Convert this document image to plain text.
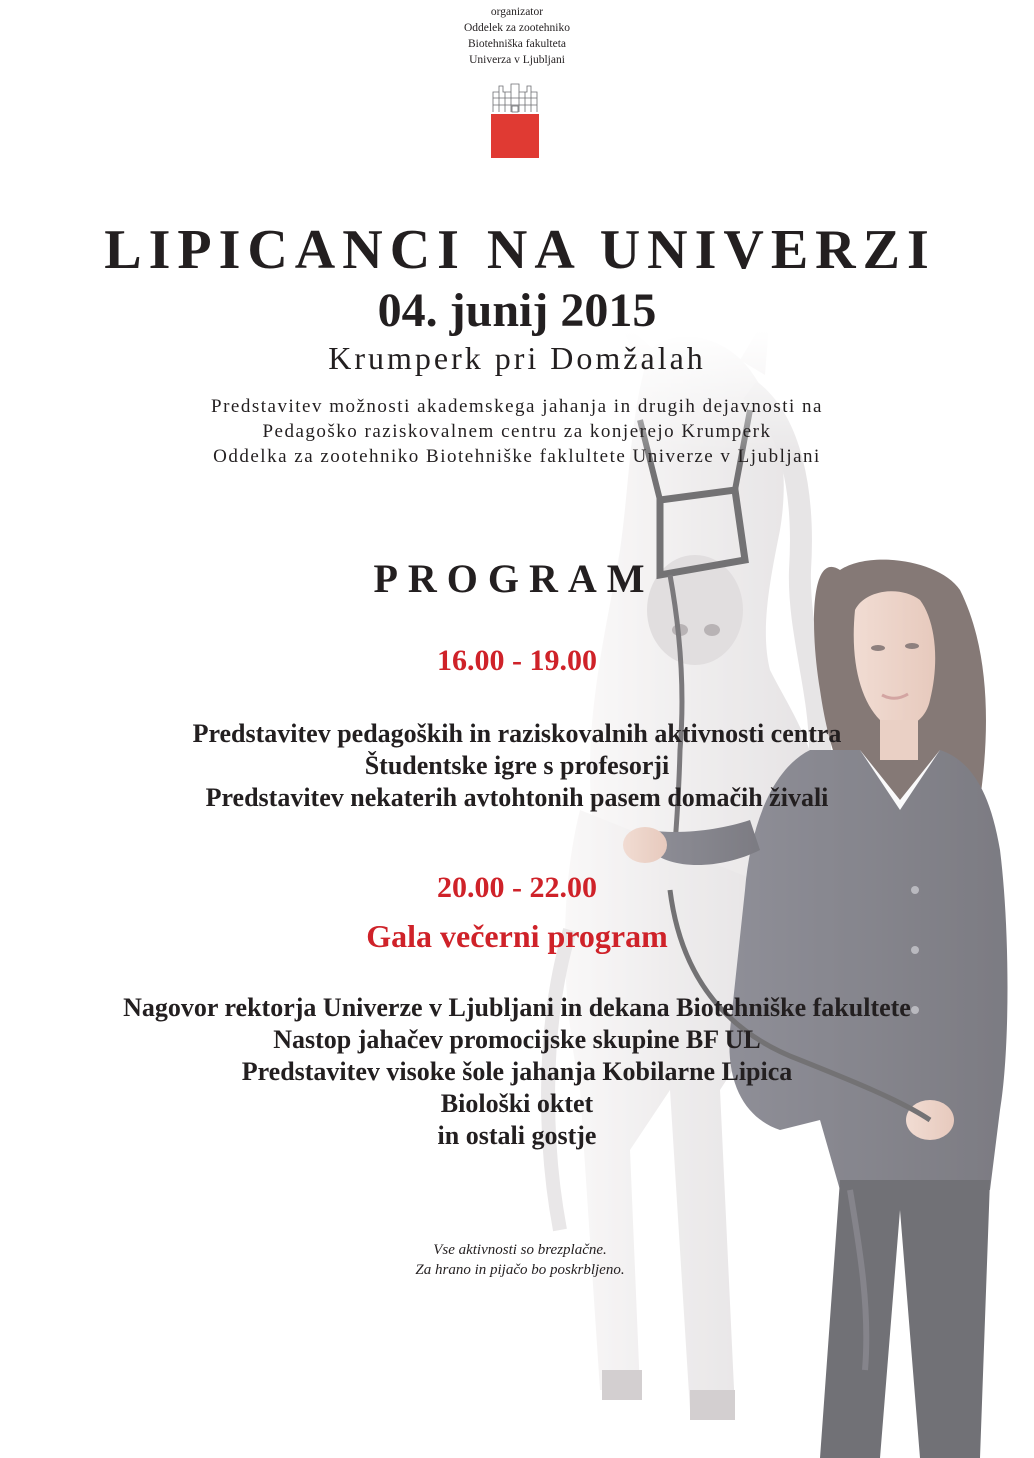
organizator
Oddelek za zootehniko
Biotehniška fakulteta
Univerza v Ljubljani
LIPICANCI NA UNIVERZI
04. junij 2015
Krumperk pri Domžalah
Predstavitev možnosti akademskega jahanja in drugih dejavnosti na
Pedagoško raziskovalnem centru za konjerejo Krumperk
Oddelka za zootehniko Biotehniške faklultete Univerze v Ljubljani
PROGRAM
16.00 - 19.00
Predstavitev pedagoških in raziskovalnih aktivnosti centra
Študentske igre s profesorji
Predstavitev nekaterih avtohtonih pasem domačih živali
20.00 - 22.00
Gala večerni program
Nagovor rektorja Univerze v Ljubljani in dekana Biotehniške fakultete
Nastop jahačev promocijske skupine BF UL
Predstavitev visoke šole jahanja Kobilarne Lipica
Biološki oktet
in ostali gostje
Vse aktivnosti so brezplačne.
Za hrano in pijačo bo poskrbljeno.
